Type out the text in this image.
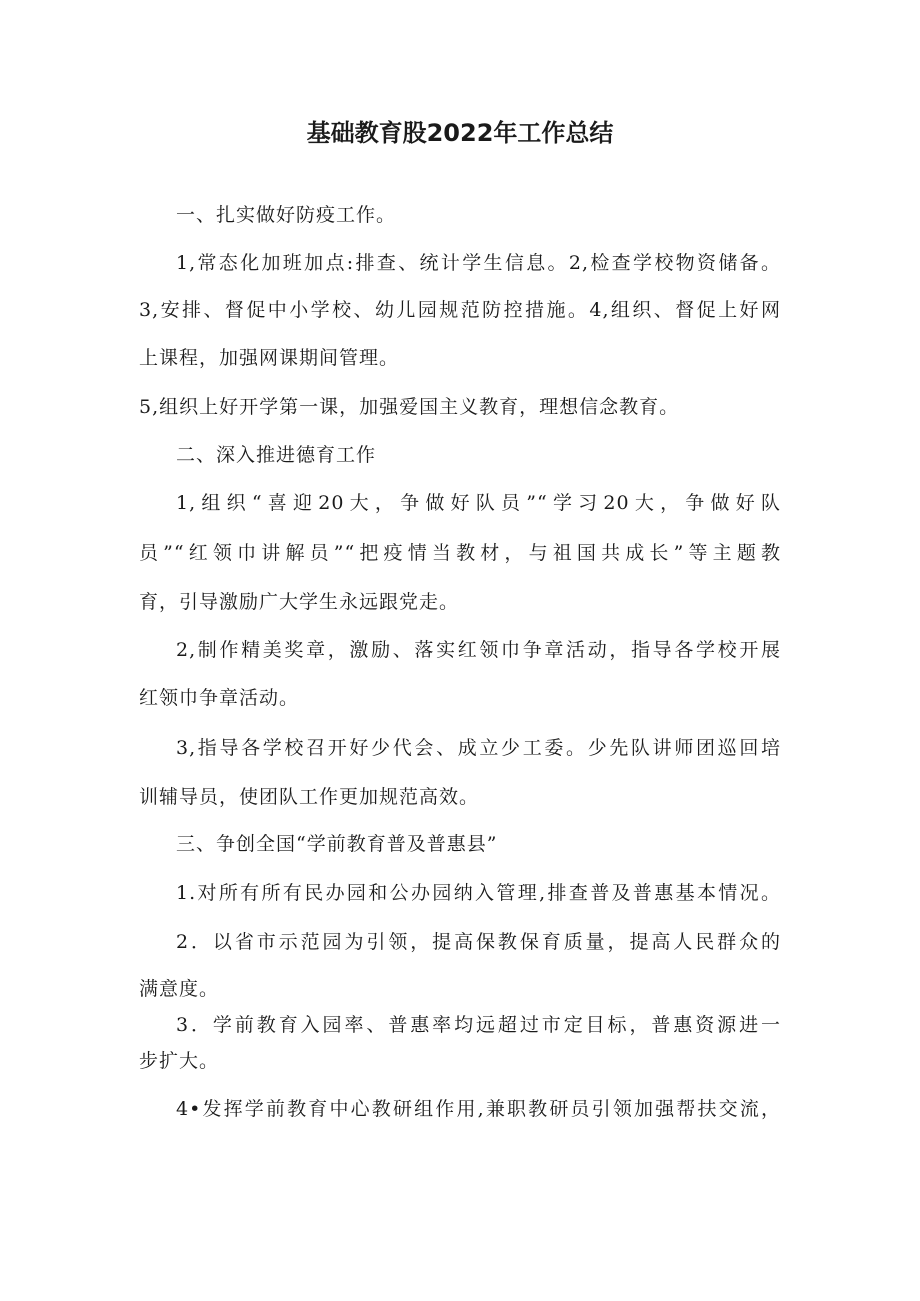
基础教育股2022年工作总结
一、扎实做好防疫工作。
1,常态化加班加点:排查、统计学生信息。2,检查学校物资储备。
3,安排、督促中小学校、幼儿园规范防控措施。4,组织、督促上好网
上课程，加强网课期间管理。
5,组织上好开学第一课，加强爱国主义教育，理想信念教育。
二、深入推进德育工作
1,组织“喜迎20大，争做好队员”“学习20大，争做好队
员”“红领巾讲解员”“把疫情当教材，与祖国共成长”等主题教
育，引导激励广大学生永远跟党走。
2,制作精美奖章，激励、落实红领巾争章活动，指导各学校开展
红领巾争章活动。
3,指导各学校召开好少代会、成立少工委。少先队讲师团巡回培
训辅导员，使团队工作更加规范高效。
三、争创全国“学前教育普及普惠县”
1.对所有所有民办园和公办园纳入管理,排查普及普惠基本情况。
2．以省市示范园为引领，提高保教保育质量，提高人民群众的
满意度。
3．学前教育入园率、普惠率均远超过市定目标，普惠资源进一
步扩大。
4•发挥学前教育中心教研组作用,兼职教研员引领加强帮扶交流，
